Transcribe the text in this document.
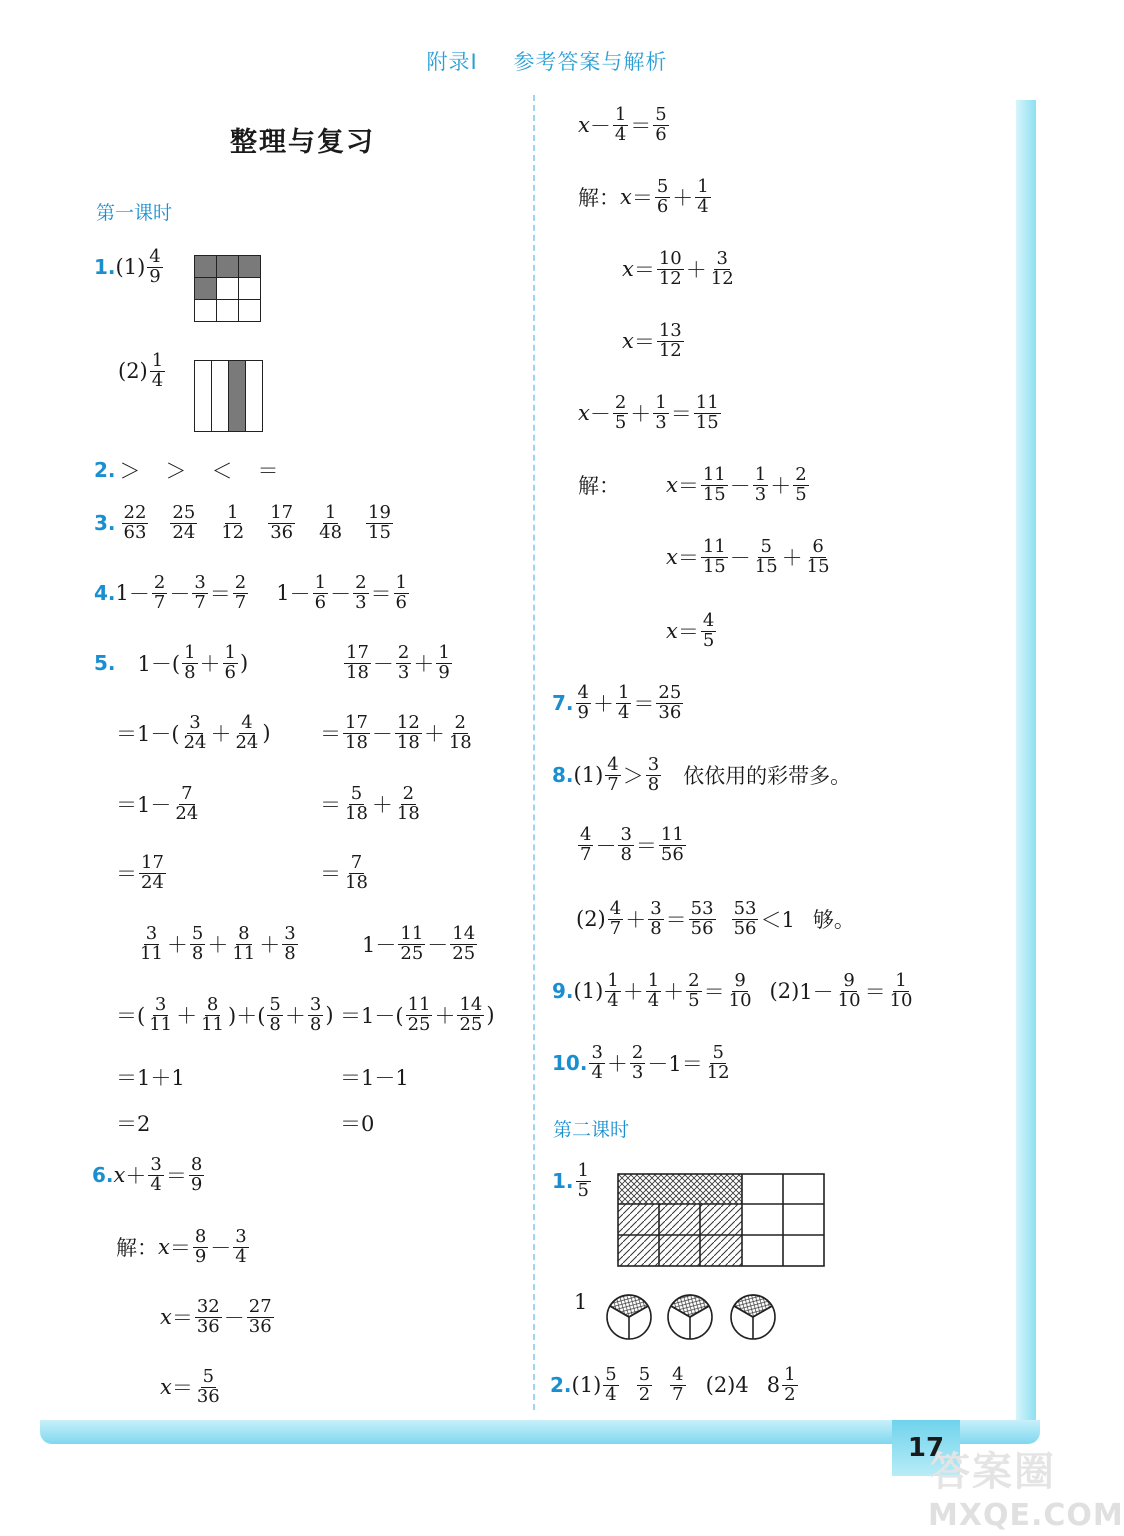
附录Ⅰ 参考答案与解析
17
答案圈
MXQE.COM
整理与复习
第一课时
1. $(1) \frac{4}{9}$

$(2) \frac{1}{4}$

2. ＞　＞　＜　＝
3. $\frac{22}{63} \frac{25}{24} \frac{1}{12} \frac{17}{36} \frac{1}{48} \frac{19}{15}$
4. $1 - \frac{2}{7} - \frac{3}{7} = \frac{2}{7} 1 - \frac{1}{6} - \frac{2}{3} = \frac{1}{6}$
5. $1-( \frac{1}{8} + \frac{1}{6}$ )	$\frac{17}{18} - \frac{2}{3} + \frac{1}{9}$
$=1-( \frac{3}{24} + \frac{4}{24}$ ) ＝ $\frac{17}{18} - \frac{12}{18} + \frac{2}{18}$
$=1- \frac{7}{24}$	＝ $\frac{5}{18} + \frac{2}{18}$
＝ $\frac{17}{24}$	＝ $\frac{7}{18}$
$\frac{3}{11} + \frac{5}{8} + \frac{8}{11} + \frac{3}{8}$	$1- \frac{11}{25} - \frac{14}{25}$
＝( $\frac{3}{11} + \frac{8}{11}$ )＋( $\frac{5}{8} + \frac{3}{8}$ ) $=1-( \frac{11}{25} + \frac{14}{25}$ )
＝1＋1	＝1－1
＝2	＝0
6. $x + \frac{3}{4} = \frac{8}{9}$
解： $x = \frac{8}{9} - \frac{3}{4}$
$x = \frac{32}{36} - \frac{27}{36}$
$x = \frac{5}{36}$
$x - \frac{1}{4} = \frac{5}{6}$
解： $x = \frac{5}{6} + \frac{1}{4}$
$x = \frac{10}{12} + \frac{3}{12}$
$x = \frac{13}{12}$
$x - \frac{2}{5} + \frac{1}{3} = \frac{11}{15}$
解： $x = \frac{11}{15} - \frac{1}{3} + \frac{2}{5}$
$x = \frac{11}{15} - \frac{5}{15} + \frac{6}{15}$
$x = \frac{4}{5}$
7. $\frac{4}{9} + \frac{1}{4} = \frac{25}{36}$
8. $(1) \frac{4}{7} > \frac{3}{8}$ 依依用的彩带多。
$\frac{4}{7} - \frac{3}{8} = \frac{11}{56}$
$(2) \frac{4}{7} + \frac{3}{8} = \frac{53}{56} \frac{53}{56} <1$ 够。
9. $(1) \frac{1}{4} + \frac{1}{4} + \frac{2}{5} = \frac{9}{10} (2)$ $1- \frac{9}{10} = \frac{1}{10}$
10. $\frac{3}{4} + \frac{2}{3} -1= \frac{5}{12}$
第二课时
1. $\frac{1}{5}$
1
2. $(1) \frac{5}{4} \frac{5}{2} \frac{4}{7} (2)4$ $8 \frac{1}{2}$
